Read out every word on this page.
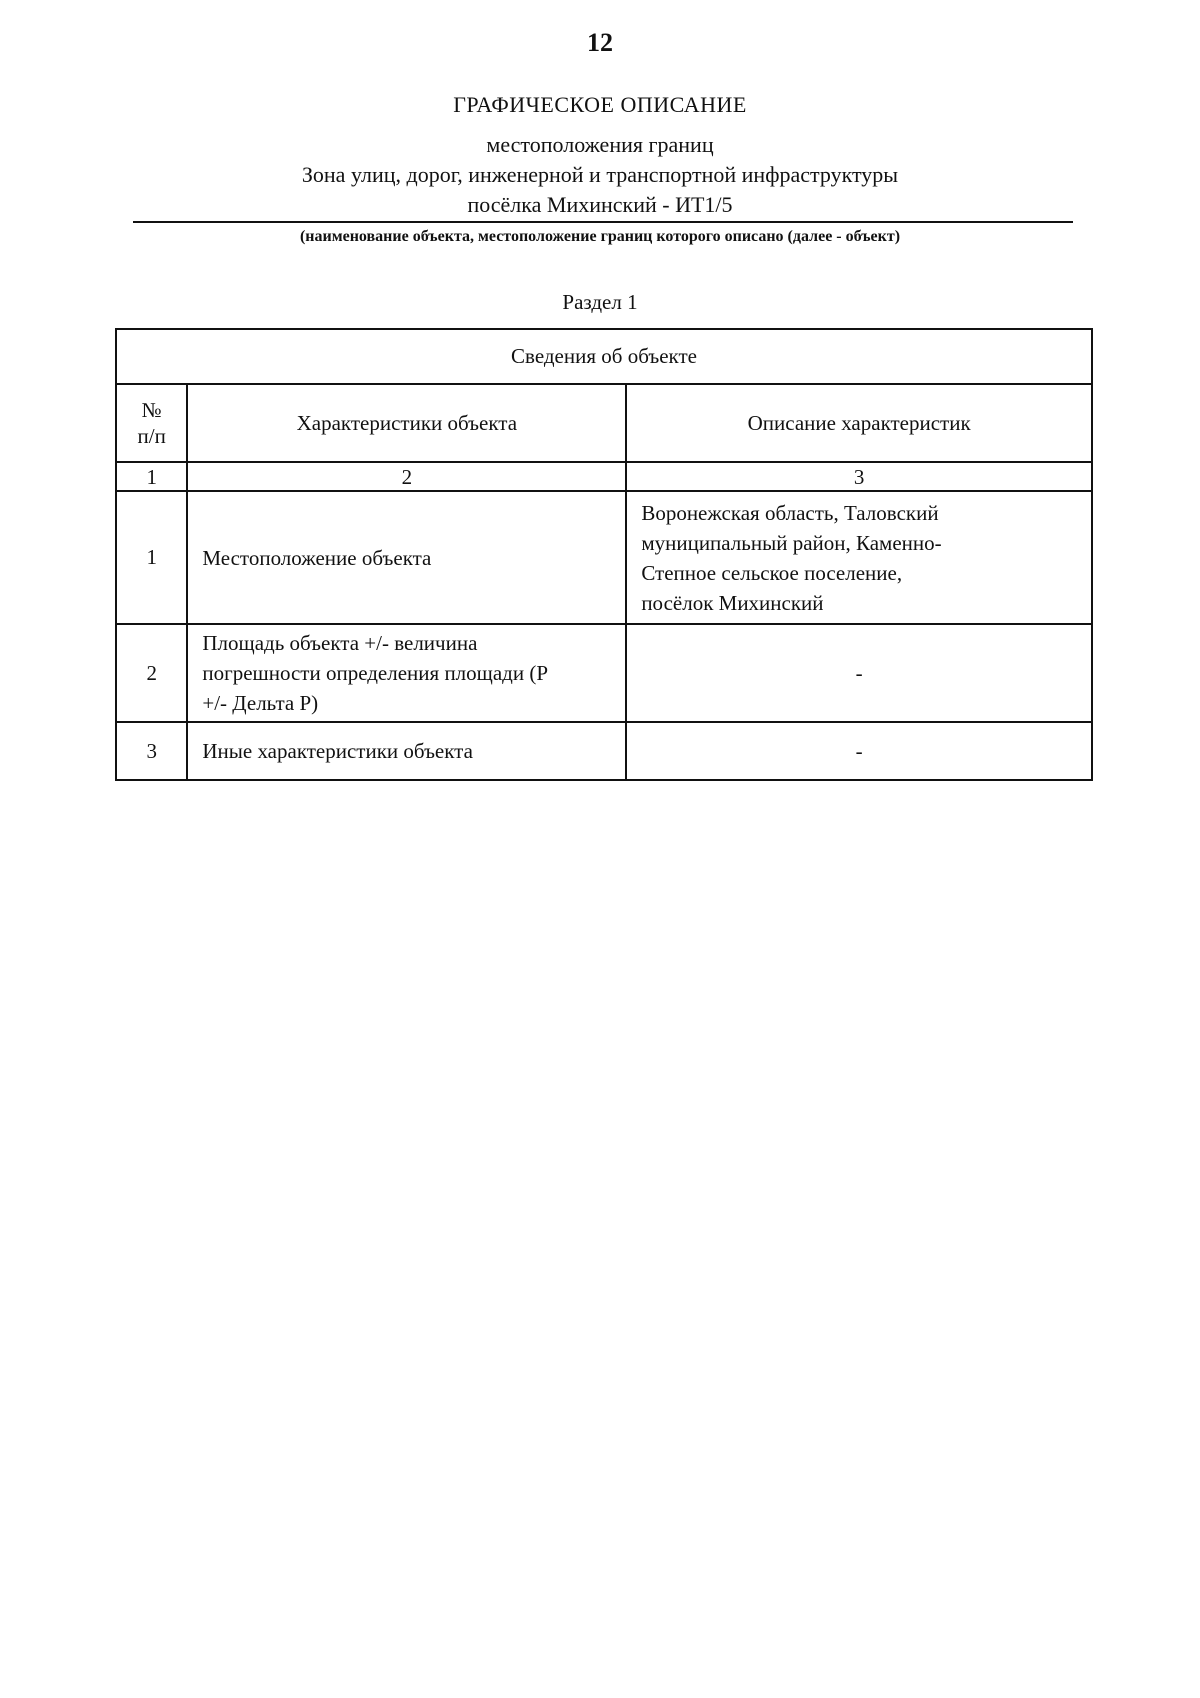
12
ГРАФИЧЕСКОЕ ОПИСАНИЕ
местоположения границ
Зона улиц, дорог, инженерной и транспортной инфраструктуры
посёлка Михинский - ИТ1/5
(наименование объекта, местоположение границ которого описано (далее - объект)
Раздел 1
Сведения об объекте		

№
п/п	Характеристики объекта	Описание характеристик
1	2	3
1	Местоположение объекта	Воронежская область, Таловский
муниципальный район, Каменно-
Степное сельское поселение,
посёлок Михинский

2	Площадь объекта +/- величина
погрешности определения площади (Р
+/- Дельта Р)	-

3	Иные характеристики объекта	-
